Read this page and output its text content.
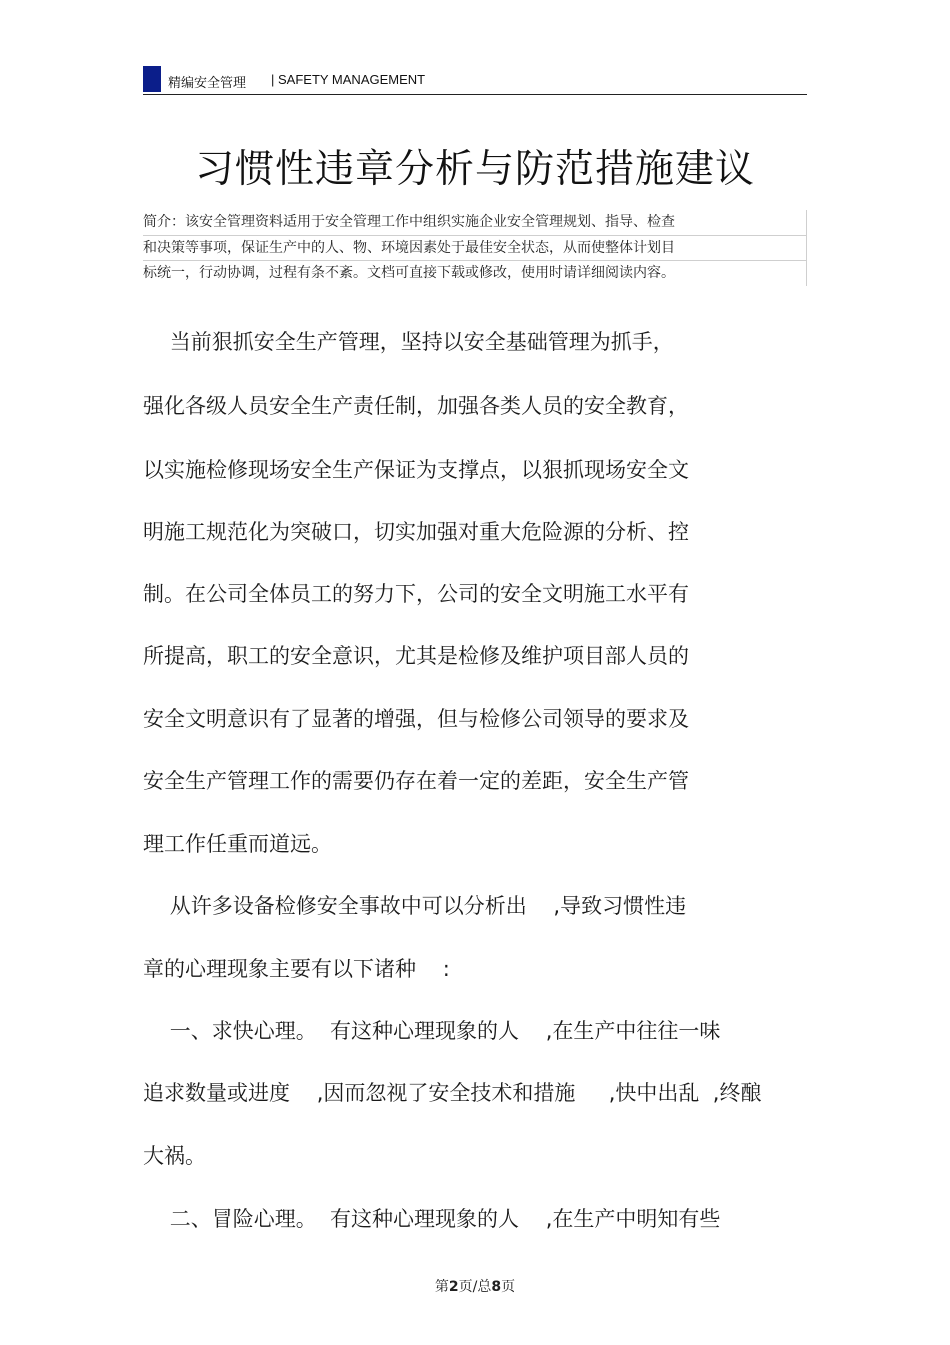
精编安全管理 | SAFETY MANAGEMENT
习惯性违章分析与防范措施建议
简介：该安全管理资料适用于安全管理工作中组织实施企业安全管理规划、指导、检查
和决策等事项，保证生产中的人、物、环境因素处于最佳安全状态，从而使整体计划目
标统一，行动协调，过程有条不紊。文档可直接下载或修改，使用时请详细阅读内容。
当前狠抓安全生产管理，坚持以安全基础管理为抓手，
强化各级人员安全生产责任制，加强各类人员的安全教育，
以实施检修现场安全生产保证为支撑点，以狠抓现场安全文
明施工规范化为突破口，切实加强对重大危险源的分析、控
制。在公司全体员工的努力下，公司的安全文明施工水平有
所提高，职工的安全意识，尤其是检修及维护项目部人员的
安全文明意识有了显著的增强，但与检修公司领导的要求及
安全生产管理工作的需要仍存在着一定的差距，安全生产管
理工作任重而道远。
从许多设备检修安全事故中可以分析出    ,导致习惯性违
章的心理现象主要有以下诸种    :
一、求快心理。  有这种心理现象的人    ,在生产中往往一味
追求数量或进度    ,因而忽视了安全技术和措施     ,快中出乱  ,终酿
大祸。
二、冒险心理。  有这种心理现象的人    ,在生产中明知有些
第2页/总8页
